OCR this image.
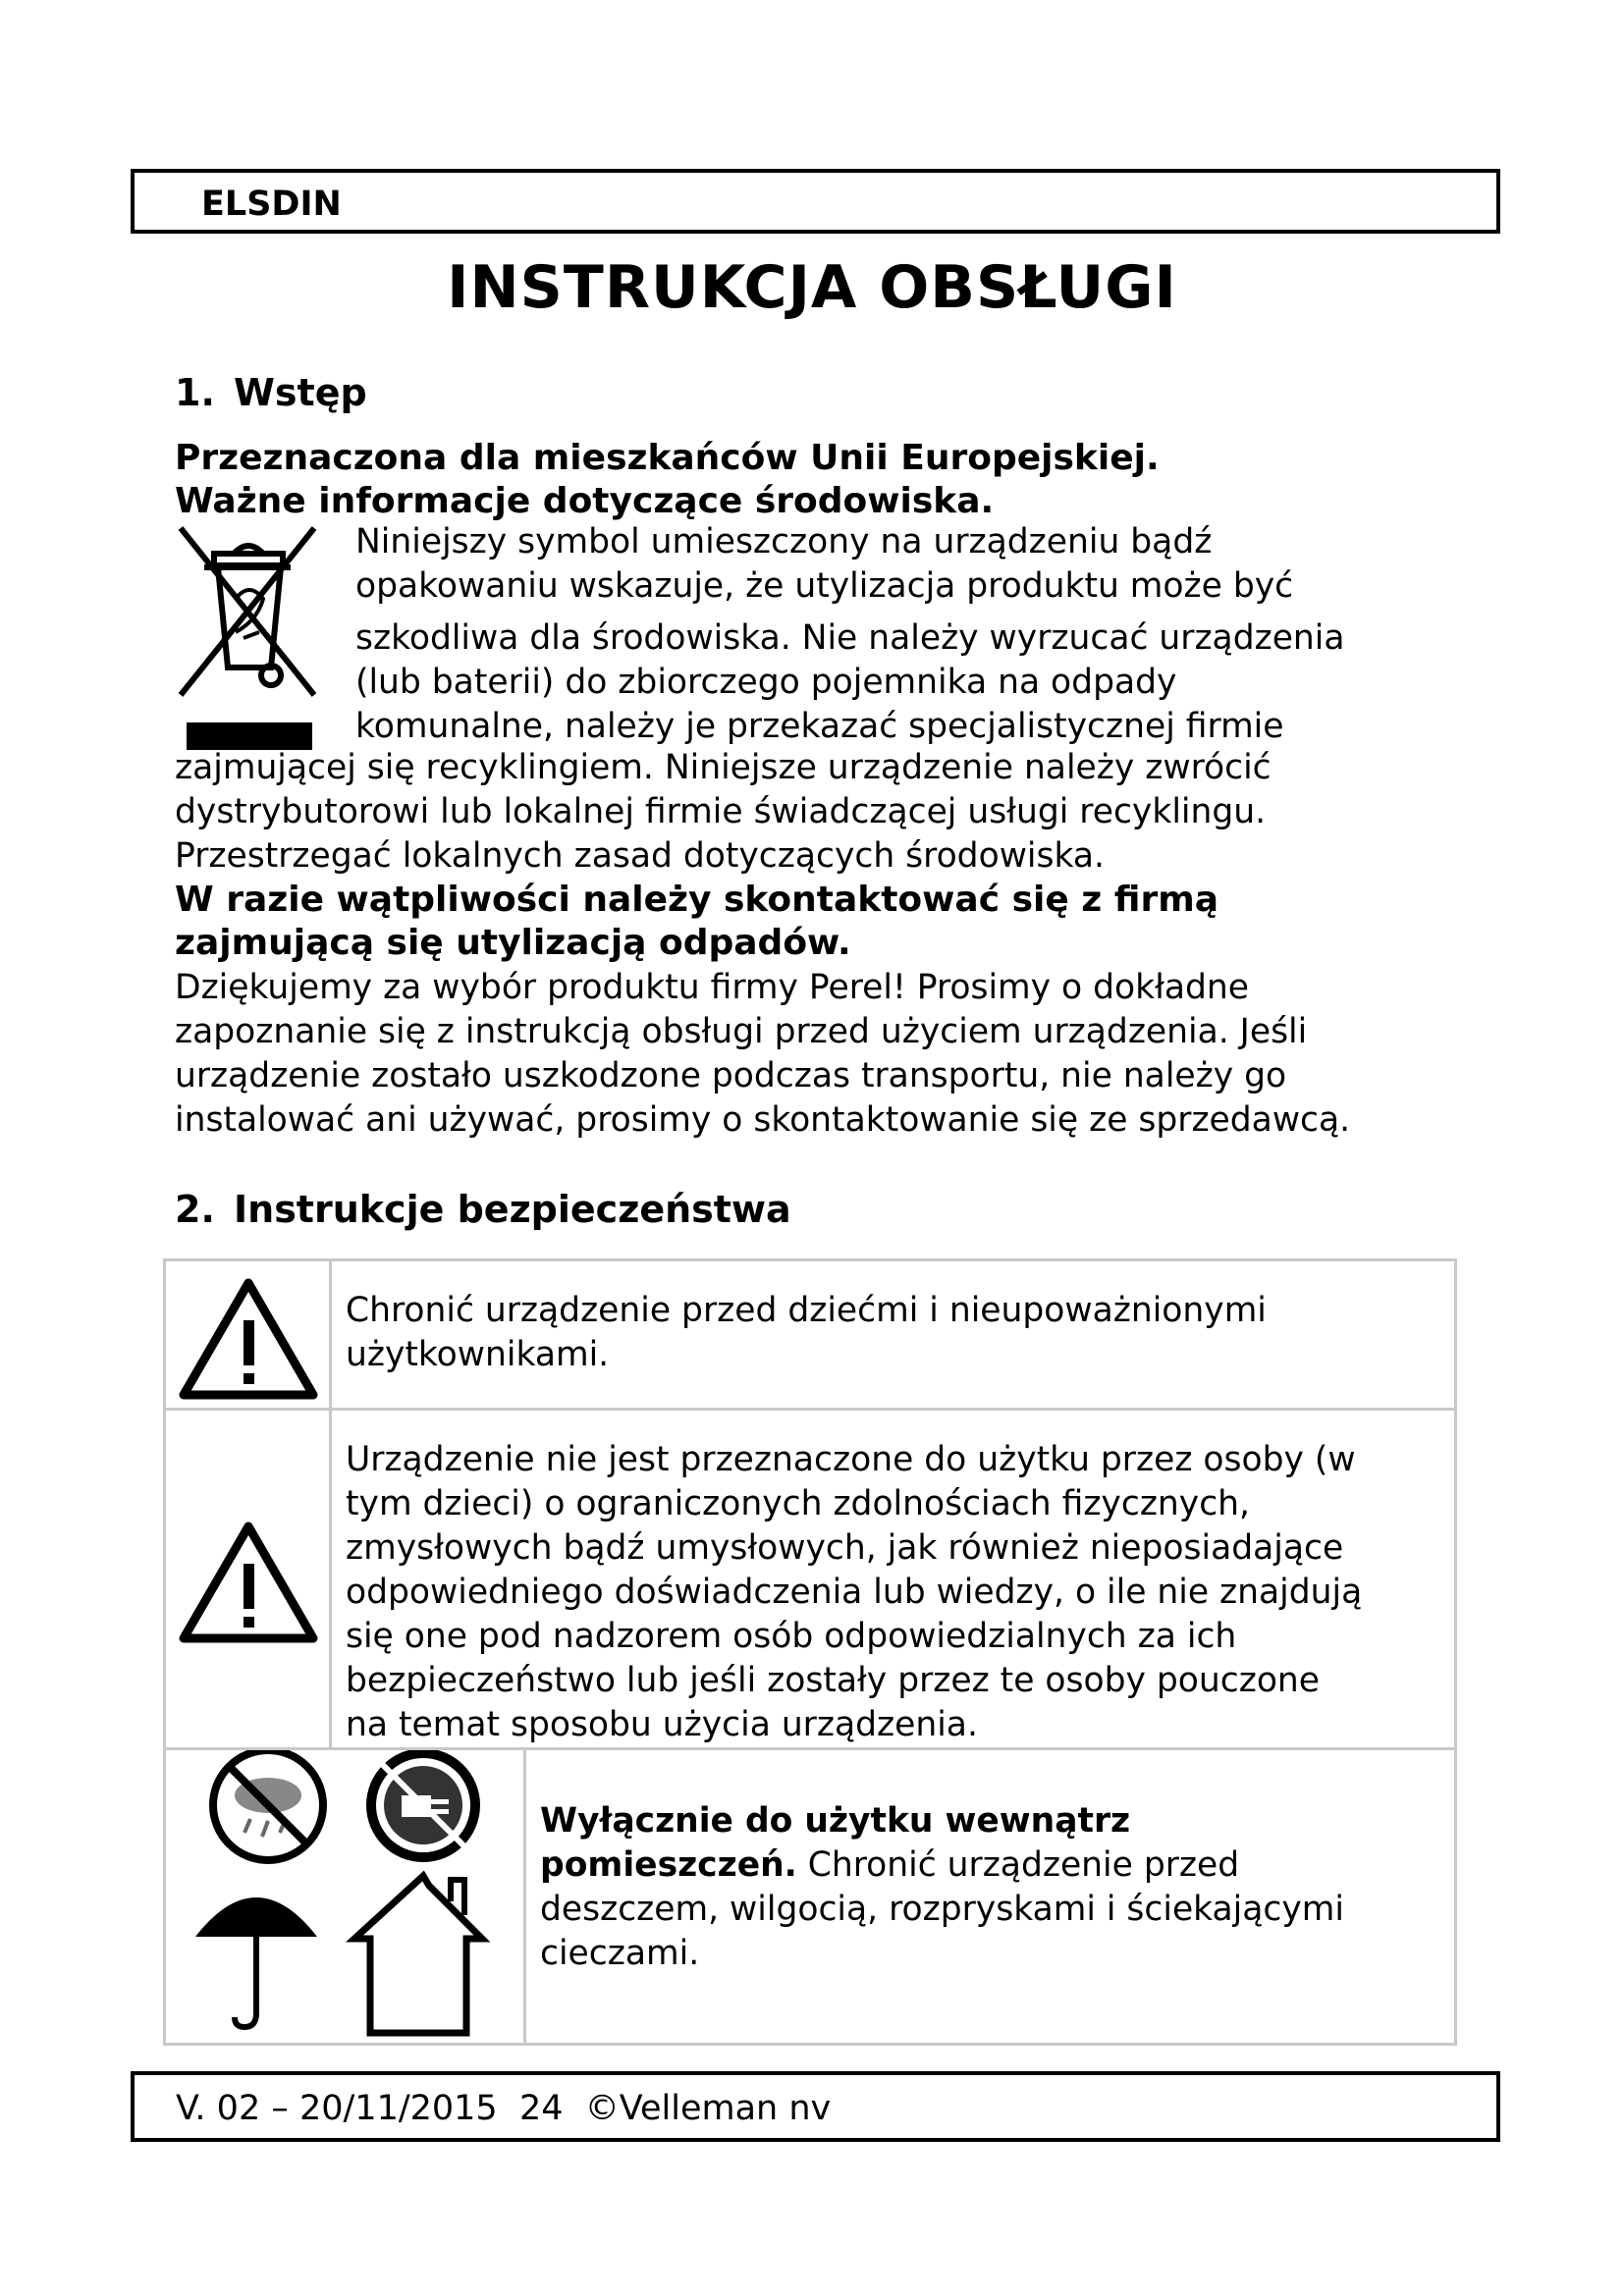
ELSDIN
INSTRUKCJA OBSŁUGI
1. Wstęp
Przeznaczona dla mieszkańców Unii Europejskiej.
Ważne informacje dotyczące środowiska.

Niniejszy symbol umieszczony na urządzeniu bądź

opakowaniu wskazuje, że utylizacja produktu może być

szkodliwa dla środowiska. Nie należy wyrzucać urządzenia

(lub baterii) do zbiorczego pojemnika na odpady

komunalne, należy je przekazać specjalistycznej firmie

zajmującej się recyklingiem. Niniejsze urządzenie należy zwrócić

dystrybutorowi lub lokalnej firmie świadczącej usługi recyklingu.

Przestrzegać lokalnych zasad dotyczących środowiska.

W razie wątpliwości należy skontaktować się z firmą
zajmującą się utylizacją odpadów.

Dziękujemy za wybór produktu firmy Perel! Prosimy o dokładne

zapoznanie się z instrukcją obsługi przed użyciem urządzenia. Jeśli

urządzenie zostało uszkodzone podczas transportu, nie należy go

instalować ani używać, prosimy o skontaktowanie się ze sprzedawcą.

2. Instrukcje bezpieczeństwa

Chronić urządzenie przed dziećmi i nieupoważnionymi

użytkownikami.

Urządzenie nie jest przeznaczone do użytku przez osoby (w

tym dzieci) o ograniczonych zdolnościach fizycznych,

zmysłowych bądź umysłowych, jak również nieposiadające

odpowiedniego doświadczenia lub wiedzy, o ile nie znajdują

się one pod nadzorem osób odpowiedzialnych za ich

bezpieczeństwo lub jeśli zostały przez te osoby pouczone

na temat sposobu użycia urządzenia.

Wyłącznie do użytku wewnątrz

pomieszczeń. Chronić urządzenie przed

deszczem, wilgocią, rozpryskami i ściekającymi

cieczami.

V. 02 – 20/11/2015  24  ©Velleman nv
